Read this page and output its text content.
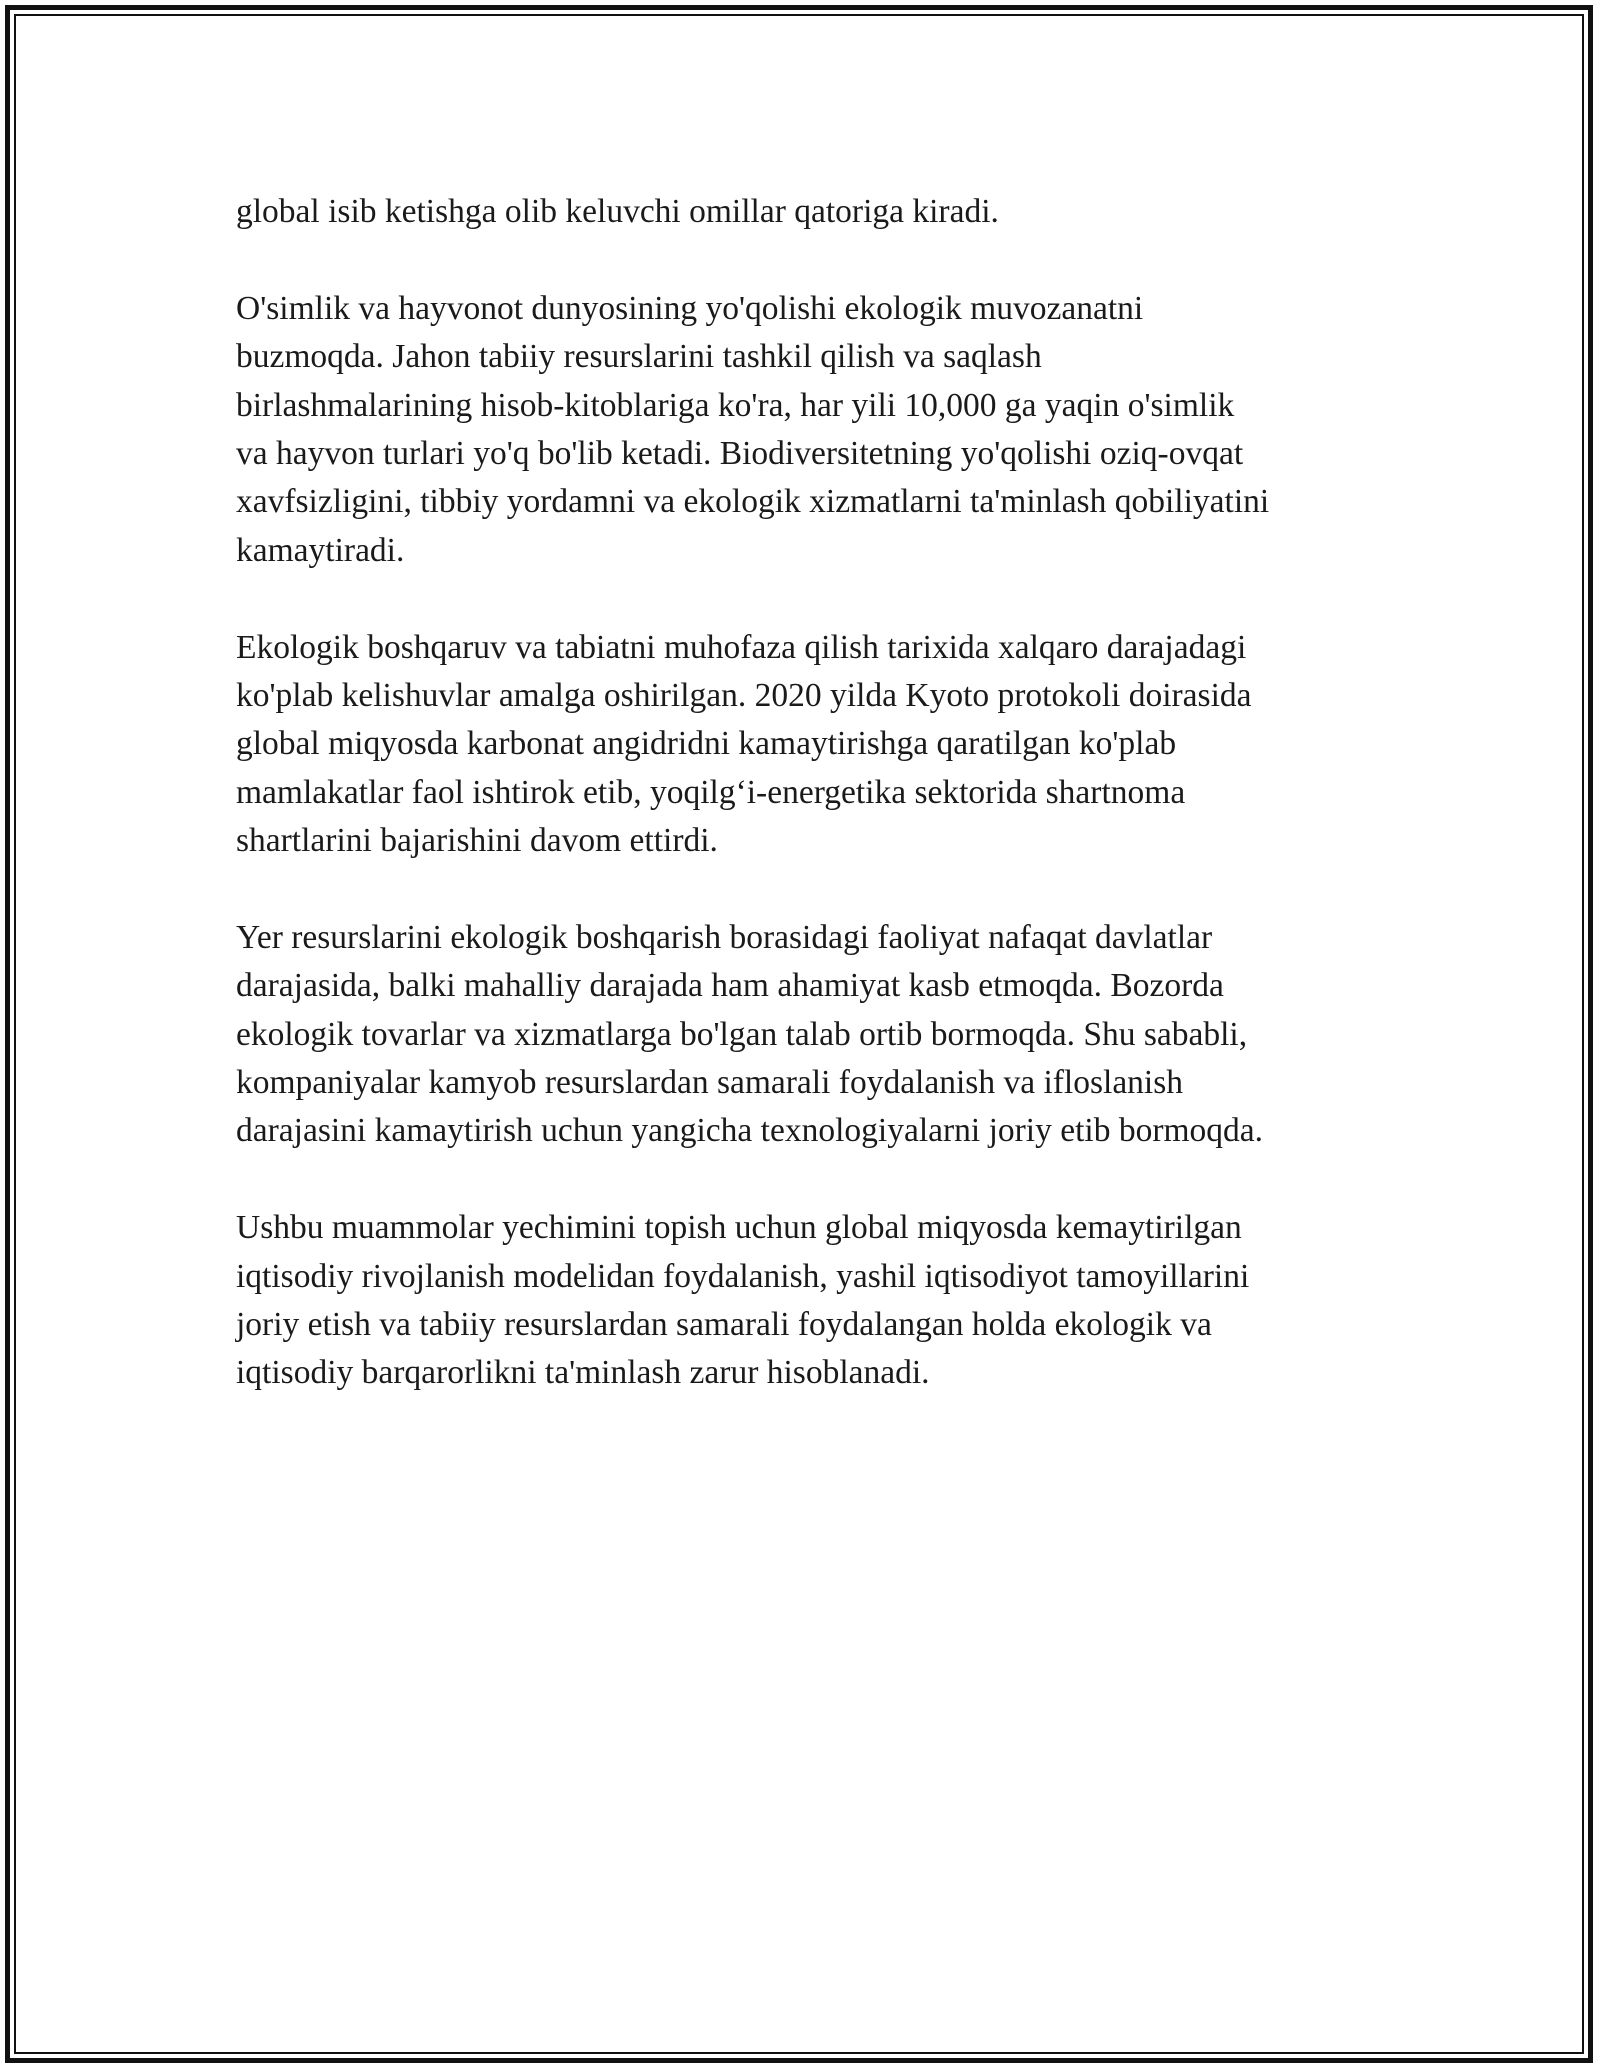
global isib ketishga olib keluvchi omillar qatoriga kiradi.

O'simlik va hayvonot dunyosining yo'qolishi ekologik muvozanatni
buzmoqda. Jahon tabiiy resurslarini tashkil qilish va saqlash
birlashmalarining hisob-kitoblariga ko'ra, har yili 10,000 ga yaqin o'simlik
va hayvon turlari yo'q bo'lib ketadi. Biodiversitetning yo'qolishi oziq-ovqat
xavfsizligini, tibbiy yordamni va ekologik xizmatlarni ta'minlash qobiliyatini
kamaytiradi.

Ekologik boshqaruv va tabiatni muhofaza qilish tarixida xalqaro darajadagi
ko'plab kelishuvlar amalga oshirilgan. 2020 yilda Kyoto protokoli doirasida
global miqyosda karbonat angidridni kamaytirishga qaratilgan ko'plab
mamlakatlar faol ishtirok etib, yoqilg‘i-energetika sektorida shartnoma
shartlarini bajarishini davom ettirdi.

Yer resurslarini ekologik boshqarish borasidagi faoliyat nafaqat davlatlar
darajasida, balki mahalliy darajada ham ahamiyat kasb etmoqda. Bozorda
ekologik tovarlar va xizmatlarga bo'lgan talab ortib bormoqda. Shu sababli,
kompaniyalar kamyob resurslardan samarali foydalanish va ifloslanish
darajasini kamaytirish uchun yangicha texnologiyalarni joriy etib bormoqda.

Ushbu muammolar yechimini topish uchun global miqyosda kemaytirilgan
iqtisodiy rivojlanish modelidan foydalanish, yashil iqtisodiyot tamoyillarini
joriy etish va tabiiy resurslardan samarali foydalangan holda ekologik va
iqtisodiy barqarorlikni ta'minlash zarur hisoblanadi.
